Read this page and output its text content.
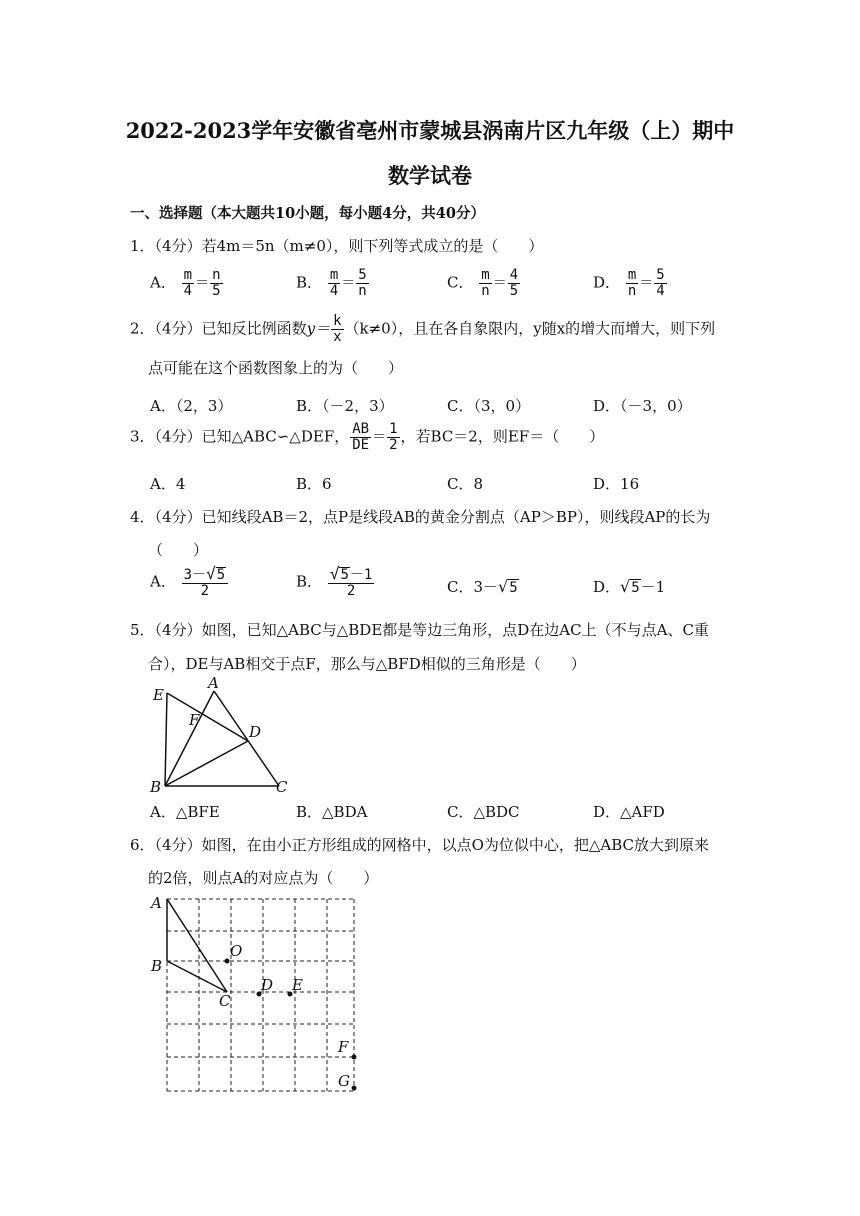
2022-2023学年安徽省亳州市蒙城县涡南片区九年级（上）期中
数学试卷
一、选择题（本大题共10小题，每小题4分，共40分）
1．（4分）若4m＝5n（m≠0），则下列等式成立的是（　　）
A． $\frac{m}{4} = \frac{n}{5}$	B． $\frac{m}{4} = \frac{5}{n}$	C． $\frac{m}{n} = \frac{4}{5}$	D． $\frac{m}{n} = \frac{5}{4}$
2．（4分）已知反比例函数$y= \frac{k}{x} (k\ne 0)$，且在各自象限内，y随x的增大而增大，则下列
点可能在这个函数图象上的为（　　）
A．（2，3）	B．（－2，3）	C．（3，0）	D．（－3，0）
3．（4分）已知△ABC∽△DEF， $\frac{AB}{DE} = \frac{1}{2}$ ，若BC＝2，则EF＝（　　）
A．4	B．6	C．8	D．16
4．（4分）已知线段AB＝2，点P是线段AB的黄金分割点（AP＞BP），则线段AP的长为
（　　）
A． $\frac{3-√5}{2}$	B． $\frac{√5-1}{2}$	C．3－√5	D．√5－1
5．（4分）如图，已知△ABC与△BDE都是等边三角形，点D在边AC上（不与点A、C重
合），DE与AB相交于点F，那么与△BFD相似的三角形是（　　）
A
E
F
D
B	C
A．△BFE	B．△BDA	C．△BDC	D．△AFD
6．（4分）如图，在由小正方形组成的网格中，以点O为位似中心，把△ABC放大到原来
的2倍，则点A的对应点为（　　）
A
B
C
O
D E
F
G
